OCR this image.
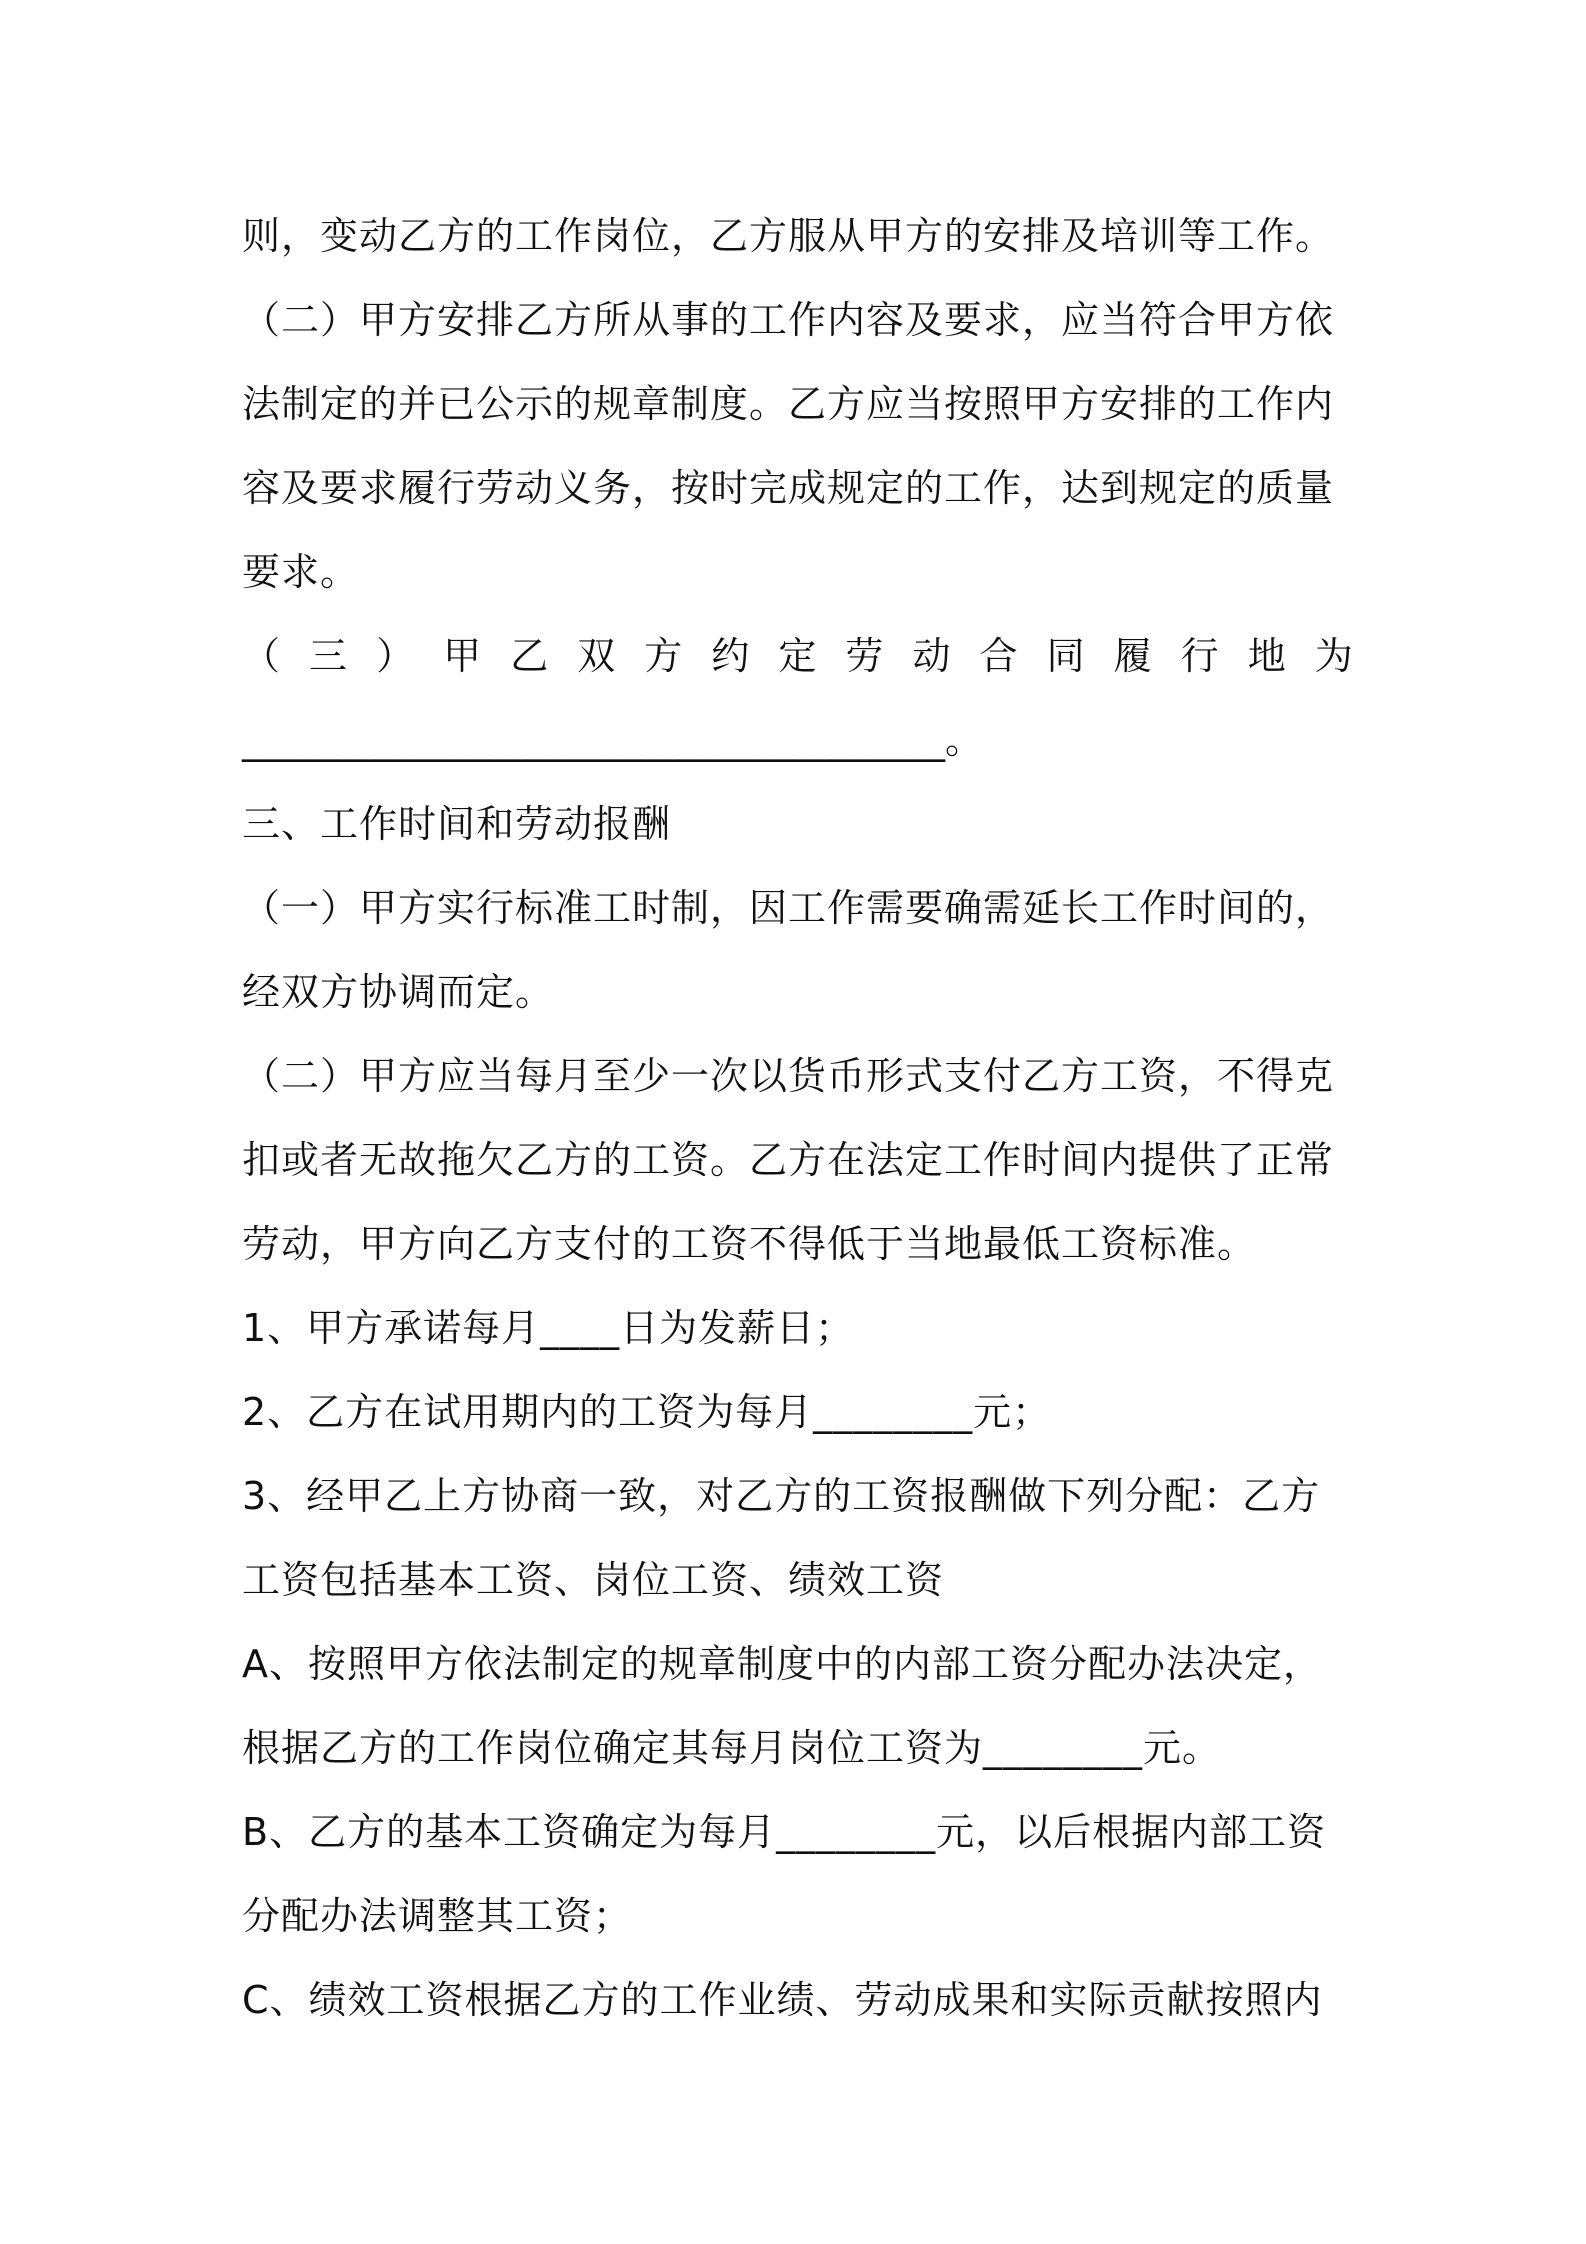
则，变动乙方的工作岗位，乙方服从甲方的安排及培训等工作。
（二）甲方安排乙方所从事的工作内容及要求，应当符合甲方依
法制定的并已公示的规章制度。乙方应当按照甲方安排的工作内
容及要求履行劳动义务，按时完成规定的工作，达到规定的质量
要求。
（ 三 ） 甲 乙 双 方 约 定 劳 动 合 同 履 行 地 为
_____________________________________。
三、工作时间和劳动报酬
（一）甲方实行标准工时制，因工作需要确需延长工作时间的，
经双方协调而定。
（二）甲方应当每月至少一次以货币形式支付乙方工资，不得克
扣或者无故拖欠乙方的工资。乙方在法定工作时间内提供了正常
劳动，甲方向乙方支付的工资不得低于当地最低工资标准。
1、甲方承诺每月____日为发薪日；
2、乙方在试用期内的工资为每月________元；
3、经甲乙上方协商一致，对乙方的工资报酬做下列分配：乙方
工资包括基本工资、岗位工资、绩效工资
A、按照甲方依法制定的规章制度中的内部工资分配办法决定，
根据乙方的工作岗位确定其每月岗位工资为________元。
B、乙方的基本工资确定为每月________元，以后根据内部工资
分配办法调整其工资；
C、绩效工资根据乙方的工作业绩、劳动成果和实际贡献按照内
